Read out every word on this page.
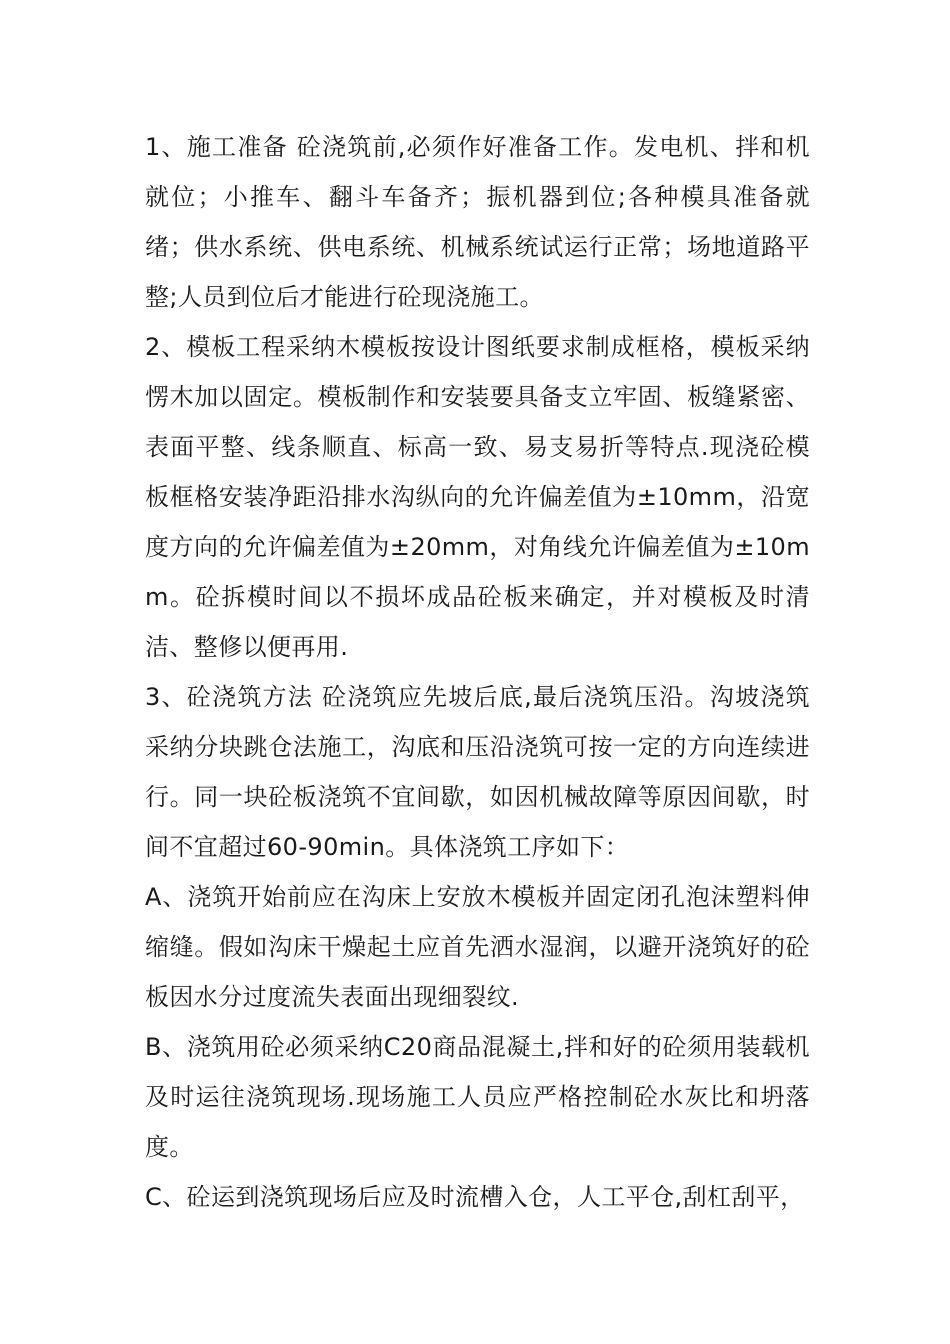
1、施工准备 砼浇筑前,必须作好准备工作。发电机、拌和机就位；小推车、翻斗车备齐；振机器到位;各种模具准备就绪；供水系统、供电系统、机械系统试运行正常；场地道路平整;人员到位后才能进行砼现浇施工。

2、模板工程采纳木模板按设计图纸要求制成框格，模板采纳愣木加以固定。模板制作和安装要具备支立牢固、板缝紧密、表面平整、线条顺直、标高一致、易支易折等特点.现浇砼模板框格安装净距沿排水沟纵向的允许偏差值为±10mm，沿宽度方向的允许偏差值为±20mm，对角线允许偏差值为±10mm。砼拆模时间以不损坏成品砼板来确定，并对模板及时清洁、整修以便再用.

3、砼浇筑方法 砼浇筑应先坡后底,最后浇筑压沿。沟坡浇筑采纳分块跳仓法施工，沟底和压沿浇筑可按一定的方向连续进行。同一块砼板浇筑不宜间歇，如因机械故障等原因间歇，时间不宜超过60-90min。具体浇筑工序如下：

A、浇筑开始前应在沟床上安放木模板并固定闭孔泡沫塑料伸缩缝。假如沟床干燥起土应首先洒水湿润，以避开浇筑好的砼板因水分过度流失表面出现细裂纹.

B、浇筑用砼必须采纳C20商品混凝土,拌和好的砼须用装载机及时运往浇筑现场.现场施工人员应严格控制砼水灰比和坍落度。

C、砼运到浇筑现场后应及时流槽入仓，人工平仓,刮杠刮平，
